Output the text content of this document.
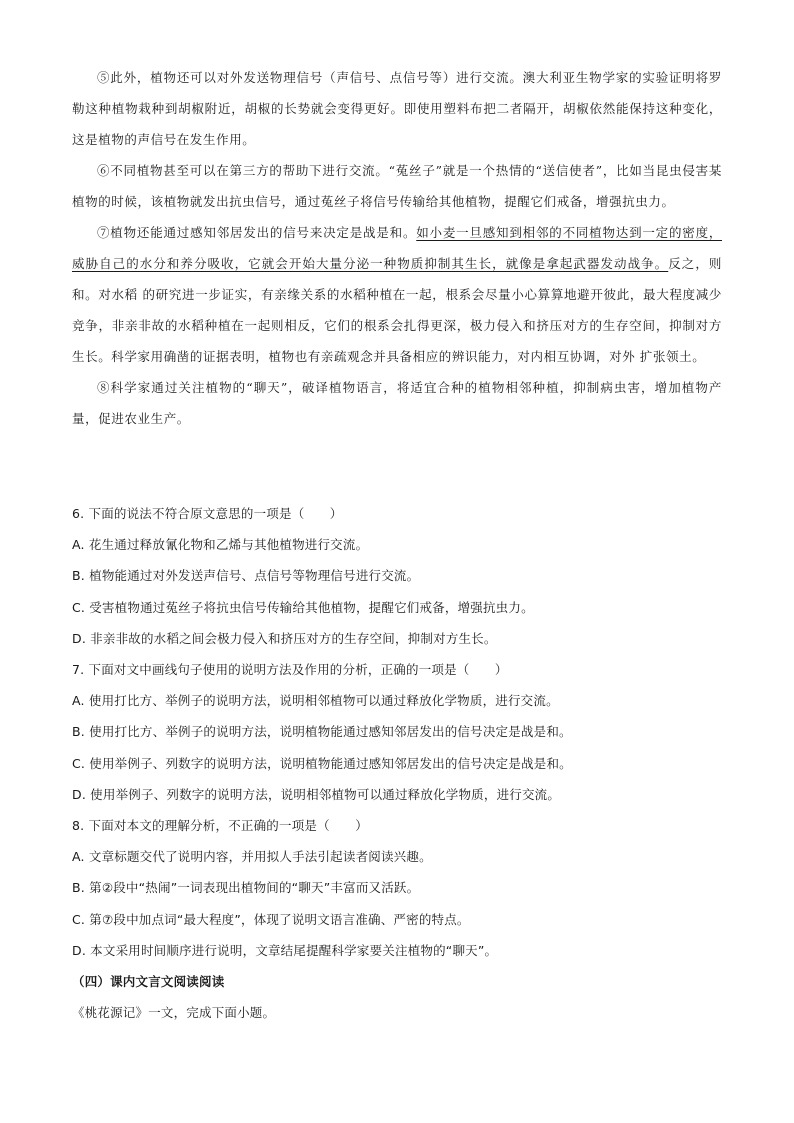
⑤此外，植物还可以对外发送物理信号（声信号、点信号等）进行交流。澳大利亚生物学家的实验证明将罗勒这种植物栽种到胡椒附近，胡椒的长势就会变得更好。即使用塑料布把二者隔开，胡椒依然能保持这种变化，这是植物的声信号在发生作用。

⑥不同植物甚至可以在第三方的帮助下进行交流。“菟丝子”就是一个热情的“送信使者”，比如当昆虫侵害某植物的时候，该植物就发出抗虫信号，通过菟丝子将信号传输给其他植物，提醒它们戒备，增强抗虫力。

⑦植物还能通过感知邻居发出的信号来决定是战是和。如小麦一旦感知到相邻的不同植物达到一定的密度，威胁自己的水分和养分吸收，它就会开始大量分泌一种物质抑制其生长，就像是拿起武器发动战争。反之，则和。对水稻 的研究进一步证实，有亲缘关系的水稻种植在一起，根系会尽量小心算算地避开彼此，最大程度减少竞争，非亲非故的水稻种植在一起则相反，它们的根系会扎得更深，极力侵入和挤压对方的生存空间，抑制对方生长。科学家用确凿的证据表明，植物也有亲疏观念并具备相应的辨识能力，对内相互协调，对外 扩张领土。

⑧科学家通过关注植物的“聊天”，破译植物语言，将适宜合种的植物相邻种植，抑制病虫害，增加植物产量，促进农业生产。

6. 下面的说法不符合原文意思的一项是（　　）

A. 花生通过释放氰化物和乙烯与其他植物进行交流。

B. 植物能通过对外发送声信号、点信号等物理信号进行交流。

C. 受害植物通过菟丝子将抗虫信号传输给其他植物，提醒它们戒备，增强抗虫力。

D. 非亲非故的水稻之间会极力侵入和挤压对方的生存空间，抑制对方生长。

7. 下面对文中画线句子使用的说明方法及作用的分析，正确的一项是（　　）

A. 使用打比方、举例子的说明方法，说明相邻植物可以通过释放化学物质，进行交流。

B. 使用打比方、举例子的说明方法，说明植物能通过感知邻居发出的信号决定是战是和。

C. 使用举例子、列数字的说明方法，说明植物能通过感知邻居发出的信号决定是战是和。

D. 使用举例子、列数字的说明方法，说明相邻植物可以通过释放化学物质，进行交流。

8. 下面对本文的理解分析，不正确的一项是（　　）

A. 文章标题交代了说明内容，并用拟人手法引起读者阅读兴趣。

B. 第②段中“热闹”一词表现出植物间的“聊天”丰富而又活跃。

C. 第⑦段中加点词“最大程度”，体现了说明文语言准确、严密的特点。

D. 本文采用时间顺序进行说明，文章结尾提醒科学家要关注植物的“聊天”。

（四）课内文言文阅读阅读

《桃花源记》一文，完成下面小题。
